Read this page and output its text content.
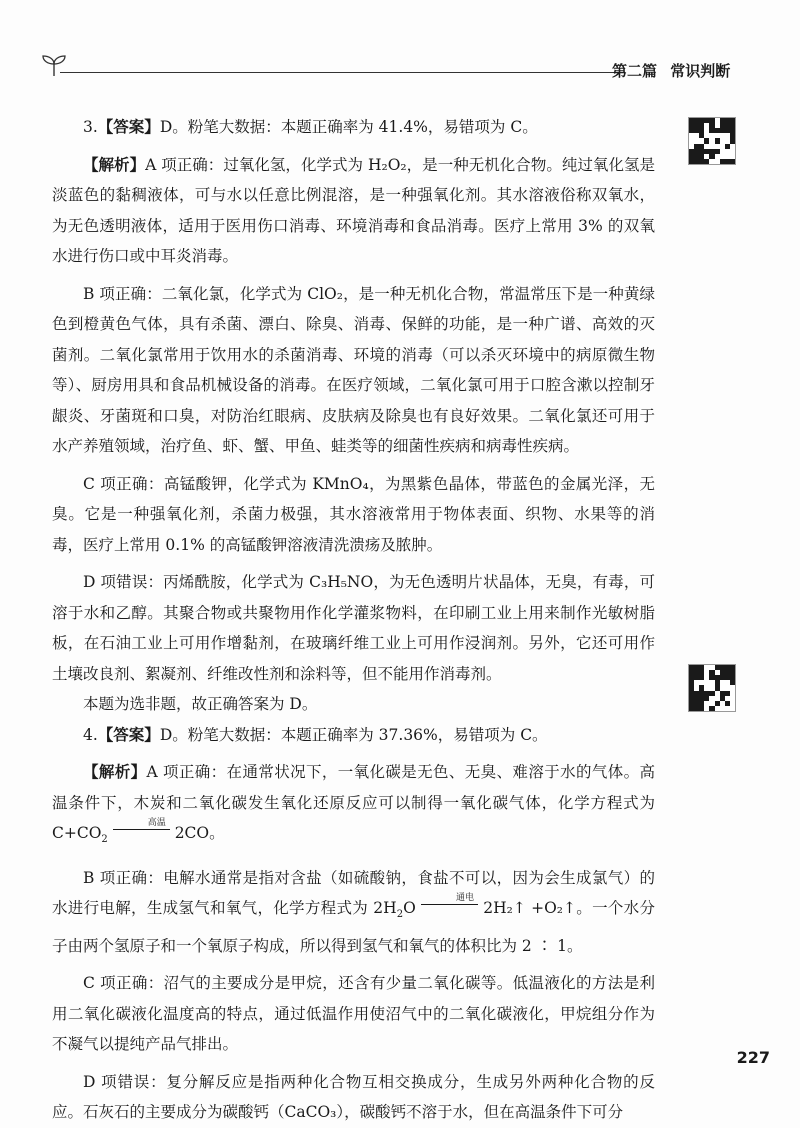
第二篇 常识判断

3.【答案】D。粉笔大数据：本题正确率为 41.4%，易错项为 C。

【解析】A 项正确：过氧化氢，化学式为 H₂O₂，是一种无机化合物。纯过氧化氢是淡蓝色的黏稠液体，可与水以任意比例混溶，是一种强氧化剂。其水溶液俗称双氧水，为无色透明液体，适用于医用伤口消毒、环境消毒和食品消毒。医疗上常用 3% 的双氧水进行伤口或中耳炎消毒。

B 项正确：二氧化氯，化学式为 ClO₂，是一种无机化合物，常温常压下是一种黄绿色到橙黄色气体，具有杀菌、漂白、除臭、消毒、保鲜的功能，是一种广谱、高效的灭菌剂。二氧化氯常用于饮用水的杀菌消毒、环境的消毒（可以杀灭环境中的病原微生物等）、厨房用具和食品机械设备的消毒。在医疗领域，二氧化氯可用于口腔含漱以控制牙龈炎、牙菌斑和口臭，对防治红眼病、皮肤病及除臭也有良好效果。二氧化氯还可用于水产养殖领域，治疗鱼、虾、蟹、甲鱼、蛙类等的细菌性疾病和病毒性疾病。

C 项正确：高锰酸钾，化学式为 KMnO₄，为黑紫色晶体，带蓝色的金属光泽，无臭。它是一种强氧化剂，杀菌力极强，其水溶液常用于物体表面、织物、水果等的消毒，医疗上常用 0.1% 的高锰酸钾溶液清洗溃疡及脓肿。

D 项错误：丙烯酰胺，化学式为 C₃H₅NO，为无色透明片状晶体，无臭，有毒，可溶于水和乙醇。其聚合物或共聚物用作化学灌浆物料，在印刷工业上用来制作光敏树脂板，在石油工业上可用作增黏剂，在玻璃纤维工业上可用作浸润剂。另外，它还可用作土壤改良剂、絮凝剂、纤维改性剂和涂料等，但不能用作消毒剂。

本题为选非题，故正确答案为 D。

4.【答案】D。粉笔大数据：本题正确率为 37.36%，易错项为 C。

【解析】A 项正确：在通常状况下，一氧化碳是无色、无臭、难溶于水的气体。高温条件下，木炭和二氧化碳发生氧化还原反应可以制得一氧化碳气体，化学方程式为 $C+CO_2$
高温
2CO。

B 项正确：电解水通常是指对含盐（如硫酸钠，食盐不可以，因为会生成氯气）的水进行电解，生成氢气和氧气，化学方程式为 $2H_2O$
通电
2H₂↑ +O₂↑。一个水分子由两个氢原子和一个氧原子构成，所以得到氢气和氧气的体积比为 2 ∶ 1。

C 项正确：沼气的主要成分是甲烷，还含有少量二氧化碳等。低温液化的方法是利用二氧化碳液化温度高的特点，通过低温作用使沼气中的二氧化碳液化，甲烷组分作为不凝气以提纯产品气排出。

D 项错误：复分解反应是指两种化合物互相交换成分，生成另外两种化合物的反应。石灰石的主要成分为碳酸钙（CaCO₃），碳酸钙不溶于水，但在高温条件下可分

227
